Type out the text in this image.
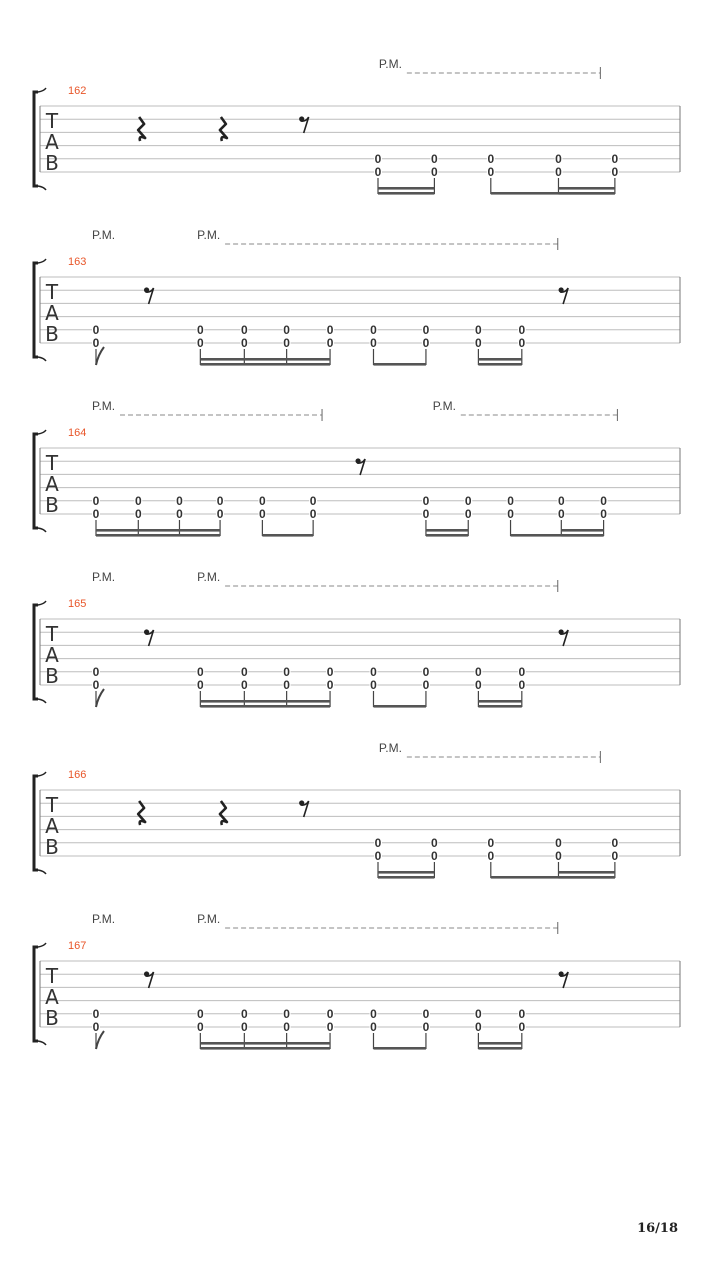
T
A
B
162
P.M.
0
0
0
0
0
0
0
0
0
0
T
A
B
163
P.M.	P.M.
0
0
0
0
0
0
0
0
0
0
0
0
0
0
0
0
0
0
T
A
B
164
P.M.	P.M.
0
0
0
0
0
0
0
0
0
0
0
0
0
0
0
0
0
0
0
0
0
0
T
A
B
165
P.M.	P.M.
0
0
0
0
0
0
0
0
0
0
0
0
0
0
0
0
0
0
T
A
B
166
P.M.
0
0
0
0
0
0
0
0
0
0
T
A
B
167
P.M.	P.M.
0
0
0
0
0
0
0
0
0
0
0
0
0
0
0
0
0
0
16/18
